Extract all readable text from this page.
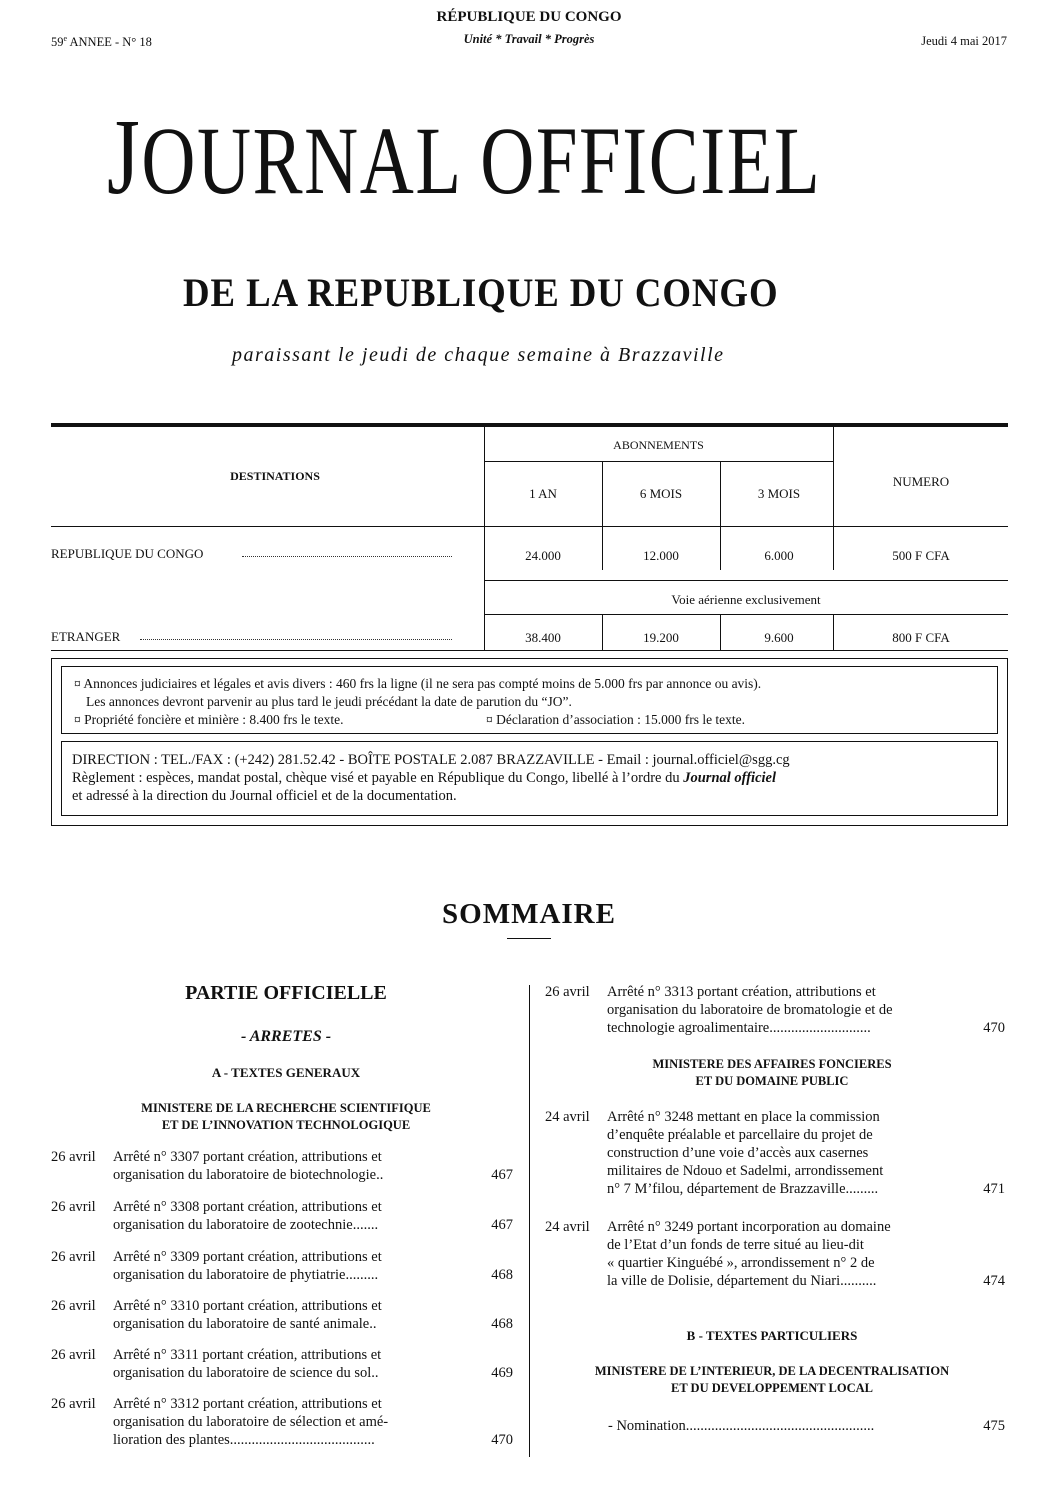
RÉPUBLIQUE DU CONGO
Unité * Travail * Progrès
59e ANNEE - N° 18	Jeudi 4 mai 2017
JOURNAL OFFICIEL
DE LA REPUBLIQUE DU CONGO
paraissant le jeudi de chaque semaine à Brazzaville
DESTINATIONS
ABONNEMENTS
NUMERO
1 AN	6 MOIS	3 MOIS
REPUBLIQUE DU CONGO	24.000	12.000	6.000	500 F CFA
Voie aérienne exclusivement
ETRANGER	38.400	19.200	9.600	800 F CFA
¤ Annonces judiciaires et légales et avis divers : 460 frs la ligne (il ne sera pas compté moins de 5.000 frs par annonce ou avis).
Les annonces devront parvenir au plus tard le jeudi précédant la date de parution du “JO”.
¤ Propriété foncière et minière : 8.400 frs le texte.	¤ Déclaration d’association : 15.000 frs le texte.
DIRECTION : TEL./FAX : (+242) 281.52.42 - BOÎTE POSTALE 2.087 BRAZZAVILLE - Email : journal.officiel@sgg.cg
Règlement : espèces, mandat postal, chèque visé et payable en République du Congo, libellé à l’ordre du Journal officiel
et adressé à la direction du Journal officiel et de la documentation.
SOMMAIRE
PARTIE OFFICIELLE
- ARRETES -
A - TEXTES GENERAUX
MINISTERE DE LA RECHERCHE SCIENTIFIQUE
ET DE L’INNOVATION TECHNOLOGIQUE
26 avril Arrêté n° 3307 portant création, attributions et
organisation du laboratoire de biotechnologie..	467
26 avril Arrêté n° 3308 portant création, attributions et
organisation du laboratoire de zootechnie.......	467
26 avril Arrêté n° 3309 portant création, attributions et
organisation du laboratoire de phytiatrie.........	468
26 avril Arrêté n° 3310 portant création, attributions et
organisation du laboratoire de santé animale..	468
26 avril Arrêté n° 3311 portant création, attributions et
organisation du laboratoire de science du sol..	469
26 avril Arrêté n° 3312 portant création, attributions et
organisation du laboratoire de sélection et amé-
lioration des plantes........................................	470
26 avril Arrêté n° 3313 portant création, attributions et
organisation du laboratoire de bromatologie et de
technologie agroalimentaire............................	470
MINISTERE DES AFFAIRES FONCIERES
ET DU DOMAINE PUBLIC
24 avril Arrêté n° 3248 mettant en place la commission
d’enquête préalable et parcellaire du projet de
construction d’une voie d’accès aux casernes
militaires de Ndouo et Sadelmi, arrondissement
n° 7 M’filou, département de Brazzaville.........	471
24 avril Arrêté n° 3249 portant incorporation au domaine
de l’Etat d’un fonds de terre situé au lieu-dit
« quartier Kinguébé », arrondissement n° 2 de
la ville de Dolisie, département du Niari..........	474
B - TEXTES PARTICULIERS
MINISTERE DE L’INTERIEUR, DE LA DECENTRALISATION
ET DU DEVELOPPEMENT LOCAL
- Nomination....................................................	475
